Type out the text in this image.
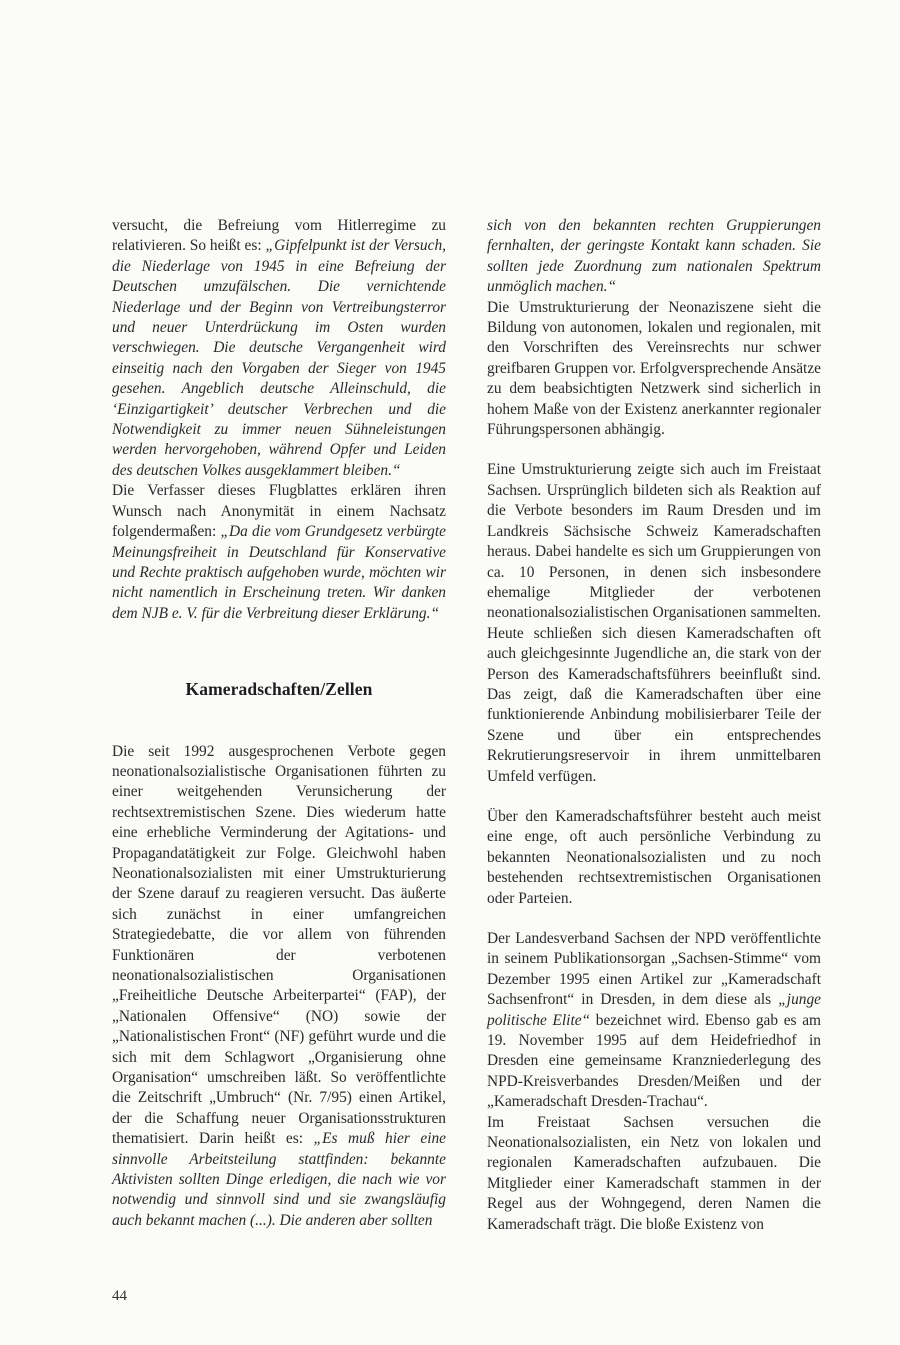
versucht, die Befreiung vom Hitlerregime zu relativieren. So heißt es: „Gipfelpunkt ist der Versuch, die Niederlage von 1945 in eine Befreiung der Deutschen umzufälschen. Die vernichtende Niederlage und der Beginn von Vertreibungsterror und neuer Unterdrückung im Osten wurden verschwiegen. Die deutsche Vergangenheit wird einseitig nach den Vorgaben der Sieger von 1945 gesehen. Angeblich deutsche Alleinschuld, die ‘Einzigartigkeit’ deutscher Verbrechen und die Notwendigkeit zu immer neuen Sühneleistungen werden hervorgehoben, während Opfer und Leiden des deutschen Volkes ausgeklammert bleiben.“

Die Verfasser dieses Flugblattes erklären ihren Wunsch nach Anonymität in einem Nachsatz folgendermaßen: „Da die vom Grundgesetz verbürgte Meinungsfreiheit in Deutschland für Konservative und Rechte praktisch aufgehoben wurde, möchten wir nicht namentlich in Erscheinung treten. Wir danken dem NJB e. V. für die Verbreitung dieser Erklärung.“

Kameradschaften/Zellen

Die seit 1992 ausgesprochenen Verbote gegen neonationalsozialistische Organisationen führten zu einer weitgehenden Verunsicherung der rechtsextremistischen Szene. Dies wiederum hatte eine erhebliche Verminderung der Agitations- und Propagandatätigkeit zur Folge. Gleichwohl haben Neonationalsozialisten mit einer Umstrukturierung der Szene darauf zu reagieren versucht. Das äußerte sich zunächst in einer umfangreichen Strategiedebatte, die vor allem von führenden Funktionären der verbotenen neonationalsozialistischen Organisationen „Freiheitliche Deutsche Arbeiterpartei“ (FAP), der „Nationalen Offensive“ (NO) sowie der „Nationalistischen Front“ (NF) geführt wurde und die sich mit dem Schlagwort „Organisierung ohne Organisation“ umschreiben läßt. So veröffentlichte die Zeitschrift „Umbruch“ (Nr. 7/95) einen Artikel, der die Schaffung neuer Organisationsstrukturen thematisiert. Darin heißt es: „Es muß hier eine sinnvolle Arbeitsteilung stattfinden: bekannte Aktivisten sollten Dinge erledigen, die nach wie vor notwendig und sinnvoll sind und sie zwangsläufig auch bekannt machen (...). Die anderen aber sollten

sich von den bekannten rechten Gruppierungen fernhalten, der geringste Kontakt kann schaden. Sie sollten jede Zuordnung zum nationalen Spektrum unmöglich machen.“

Die Umstrukturierung der Neonaziszene sieht die Bildung von autonomen, lokalen und regionalen, mit den Vorschriften des Vereinsrechts nur schwer greifbaren Gruppen vor. Erfolgversprechende Ansätze zu dem beabsichtigten Netzwerk sind sicherlich in hohem Maße von der Existenz anerkannter regionaler Führungspersonen abhängig.

Eine Umstrukturierung zeigte sich auch im Freistaat Sachsen. Ursprünglich bildeten sich als Reaktion auf die Verbote besonders im Raum Dresden und im Landkreis Sächsische Schweiz Kameradschaften heraus. Dabei handelte es sich um Gruppierungen von ca. 10 Personen, in denen sich insbesondere ehemalige Mitglieder der verbotenen neonationalsozialistischen Organisationen sammelten. Heute schließen sich diesen Kameradschaften oft auch gleichgesinnte Jugendliche an, die stark von der Person des Kameradschaftsführers beeinflußt sind. Das zeigt, daß die Kameradschaften über eine funktionierende Anbindung mobilisierbarer Teile der Szene und über ein entsprechendes Rekrutierungsreservoir in ihrem unmittelbaren Umfeld verfügen.

Über den Kameradschaftsführer besteht auch meist eine enge, oft auch persönliche Verbindung zu bekannten Neonationalsozialisten und zu noch bestehenden rechtsextremistischen Organisationen oder Parteien.

Der Landesverband Sachsen der NPD veröffentlichte in seinem Publikationsorgan „Sachsen-Stimme“ vom Dezember 1995 einen Artikel zur „Kameradschaft Sachsenfront“ in Dresden, in dem diese als „junge politische Elite“ bezeichnet wird. Ebenso gab es am 19. November 1995 auf dem Heidefriedhof in Dresden eine gemeinsame Kranzniederlegung des NPD-Kreisverbandes Dresden/Meißen und der „Kameradschaft Dresden-Trachau“.

Im Freistaat Sachsen versuchen die Neonationalsozialisten, ein Netz von lokalen und regionalen Kameradschaften aufzubauen. Die Mitglieder einer Kameradschaft stammen in der Regel aus der Wohngegend, deren Namen die Kameradschaft trägt. Die bloße Existenz von

44
